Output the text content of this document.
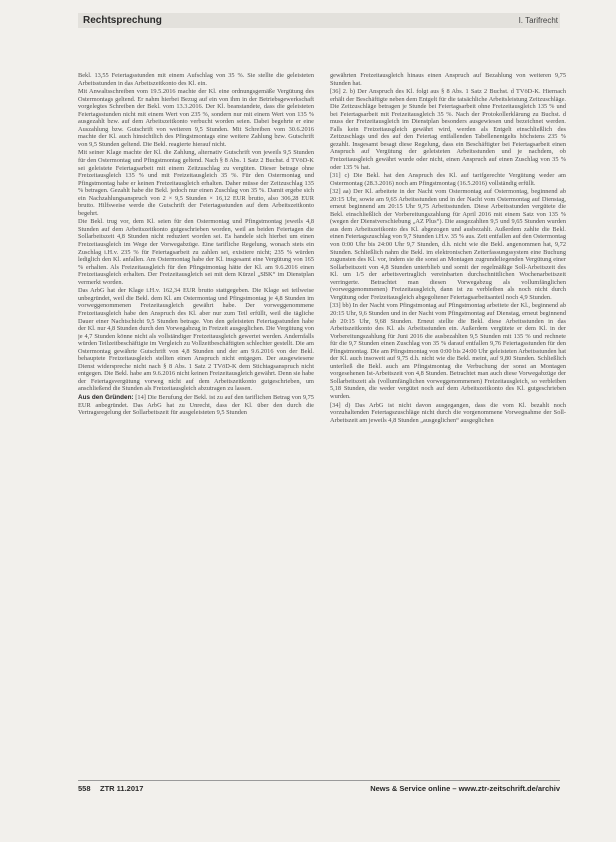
Rechtsprechung	I. Tarifrecht

Bekl. 13,55 Feiertagsstunden mit einem Aufschlag von 35 %. Sie stellte die geleisteten Arbeitsstunden in das Arbeitszeitkonto des Kl. ein.

Mit Anwaltsschreiben vom 19.5.2016 machte der Kl. eine ordnungsgemäße Vergütung des Ostermontags geltend. Er nahm hierbei Bezug auf ein von ihm in der Betriebsgewerkschaft vorgelegtes Schreiben der Bekl. vom 13.3.2016. Der Kl. beanstandete, dass die geleisteten Feiertagsstunden nicht mit einem Wert von 235 %, sondern nur mit einem Wert von 135 % ausgezahlt bzw. auf dem Arbeitszeitkonto verbucht worden seien. Dabei begehrte er eine Auszahlung bzw. Gutschrift von weiteren 9,5 Stunden. Mit Schreiben vom 30.6.2016 machte der Kl. auch hinsichtlich des Pfingstmontags eine weitere Zahlung bzw. Gutschrift von 9,5 Stunden geltend. Die Bekl. reagierte hierauf nicht.

Mit seiner Klage machte der Kl. die Zahlung, alternativ Gutschrift von jeweils 9,5 Stunden für den Ostermontag und Pfingstmontag geltend. Nach § 8 Abs. 1 Satz 2 Buchst. d TVöD-K sei geleistete Feiertagsarbeit mit einem Zeitzuschlag zu vergüten. Dieser betrage ohne Freizeitausgleich 135 % und mit Freizeitausgleich 35 %. Für den Ostermontag und Pfingstmontag habe er keinen Freizeitausgleich erhalten. Daher müsse der Zeitzuschlag 135 % betragen. Gezahlt habe die Bekl. jedoch nur einen Zuschlag von 35 %. Damit ergebe sich ein Nachzahlungsanspruch von 2 × 9,5 Stunden × 16,12 EUR brutto, also 306,28 EUR brutto. Hilfsweise werde die Gutschrift der Feiertagsstunden auf dem Arbeitszeitkonto begehrt.

Die Bekl. trug vor, dem Kl. seien für den Ostermontag und Pfingstmontag jeweils 4,8 Stunden auf dem Arbeitszeitkonto gutgeschrieben worden, weil an beiden Feiertagen die Sollarbeitszeit 4,8 Stunden nicht reduziert worden sei. Es handele sich hierbei um einen Freizeitausgleich im Wege der Vorwegabzüge. Eine tarifliche Regelung, wonach stets ein Zuschlag i.H.v. 235 % für Feiertagsarbeit zu zahlen sei, existiere nicht; 235 % würden lediglich den Kl. anfallen. Am Ostermontag habe der Kl. insgesamt eine Vergütung von 165 % erhalten. Als Freizeitausgleich für den Pfingstmontag hätte der Kl. am 9.6.2016 einen Freizeitausgleich erhalten. Der Freizeitausgleich sei mit dem Kürzel „SBK“ im Dienstplan vermerkt worden.

Das ArbG hat der Klage i.H.v. 162,34 EUR brutto stattgegeben. Die Klage sei teilweise unbegründet, weil die Bekl. dem Kl. am Ostermontag und Pfingstmontag je 4,8 Stunden im vorweggenommenen Freizeitausgleich gewährt habe. Der vorweggenommene Freizeitausgleich habe den Anspruch des Kl. aber nur zum Teil erfüllt, weil die tägliche Dauer einer Nachtschicht 9,5 Stunden betrage. Von den geleisteten Feiertagsstunden habe der Kl. nur 4,8 Stunden durch den Vorwegabzug in Freizeit ausgeglichen. Die Vergütung von je 4,7 Stunden könne nicht als vollständiger Freizeitausgleich gewertet werden. Andernfalls würden Teilzeitbeschäftigte im Vergleich zu Vollzeitbeschäftigten schlechter gestellt. Die am Ostermontag gewährte Gutschrift von 4,8 Stunden und der am 9.6.2016 von der Bekl. behauptete Freizeitausgleich stellten einen Anspruch nicht entgegen. Der ausgewiesene Dienst widerspreche nicht nach § 8 Abs. 1 Satz 2 TVöD-K dem Stichtagsanspruch nicht entgegen. Die Bekl. habe am 9.6.2016 nicht keinen Freizeitausgleich gewährt. Denn sie habe der Feiertagsvergütung vorweg nicht auf dem Arbeitszeitkonto gutgeschrieben, um anschließend die Stunden als Freizeitausgleich abzutragen zu lassen.

Aus den Gründen: [14] Die Berufung der Bekl. ist zu auf den tariflichen Betrag von 9,75 EUR anbegründet. Das ArbG hat zu Unrecht, dass der Kl. über den durch die Vertragsregelung der Sollarbeitszeit für ausgeleisteten 9,5 Stunden

gewährten Freizeitausgleich hinaus einen Anspruch auf Bezahlung von weiteren 9,75 Stunden hat.

[36] 2. b) Der Anspruch des Kl. folgt aus § 8 Abs. 1 Satz 2 Buchst. d TVöD-K. Hiernach erhält der Beschäftigte neben dem Entgelt für die tatsächliche Arbeitsleistung Zeitzuschläge. Die Zeitzuschläge betragen je Stunde bei Feiertagsarbeit ohne Freizeitausgleich 135 % und bei Feiertagsarbeit mit Freizeitausgleich 35 %. Nach der Protokollerklärung zu Buchst. d muss der Freizeitausgleich im Dienstplan besonders ausgewiesen und bezeichnet werden. Falls kein Freizeitausgleich gewährt wird, werden als Entgelt einschließlich des Zeitzuschlags und des auf den Feiertag entfallenden Tabellenentgelts höchstens 235 % gezahlt. Insgesamt besagt diese Regelung, dass ein Beschäftigter bei Feiertagsarbeit einen Anspruch auf Vergütung der geleisteten Arbeitsstunden und je nachdem, ob Freizeitausgleich gewährt wurde oder nicht, einen Anspruch auf einen Zuschlag von 35 % oder 135 % hat.

[31] c) Die Bekl. hat den Anspruch des Kl. auf tarifgerechte Vergütung weder am Ostermontag (28.3.2016) noch am Pfingstmontag (16.5.2016) vollständig erfüllt.

[32] aa) Der Kl. arbeitete in der Nacht vom Ostermontag auf Ostermontag, beginnend ab 20:15 Uhr, sowie am 9,65 Arbeitsstunden und in der Nacht vom Ostermontag auf Dienstag, erneut beginnend am 20:15 Uhr 9,75 Arbeitsstunden. Diese Arbeitsstunden vergütete die Bekl. einschließlich der Vorbereitungszahlung für April 2016 mit einem Satz von 135 % (wegen der Dienstverschiebung „AZ Plus“). Die ausgezahlten 9,5 und 9,65 Stunden wurden aus dem Arbeitszeitkonto des Kl. abgezogen und ausbezahlt. Außerdem zahlte die Bekl. einen Feiertagszuschlag von 9,7 Stunden i.H.v. 35 % aus. Zeit entfallen auf den Ostermontag von 0:00 Uhr bis 24:00 Uhr 9,7 Stunden, d.h. nicht wie die Bekl. angenommen hat, 9,72 Stunden. Schließlich nahm die Bekl. im elektronischen Zeiterfassungssystem eine Buchung zugunsten des Kl. vor, indem sie die sonst an Montagen zugrundeliegenden Vergütung einer Sollarbeitszeit von 4,8 Stunden unterblieb und somit der regelmäßige Soll-Arbeitszeit des Kl. um 1/5 der arbeitsvertraglich vereinbarten durchschnittlichen Wochenarbeitszeit verringerte. Betrachtet man diesen Vorwegabzug als vollumfänglichen (vorweggenommenen) Freizeitausgleich, dann ist zu verbleiben als noch nicht durch Vergütung oder Freizeitausgleich abgegoltener Feiertagsarbeitsanteil noch 4,9 Stunden.

[33] bb) In der Nacht vom Pfingstmontag auf Pfingstmontag arbeitete der Kl., beginnend ab 20:15 Uhr, 9,6 Stunden und in der Nacht vom Pfingstmontag auf Dienstag, erneut beginnend ab 20:15 Uhr, 9,68 Stunden. Erneut stellte die Bekl. diese Arbeitsstunden in das Arbeitszeitkonto des Kl. als Arbeitsstunden ein. Außerdem vergütete er dem Kl. in der Vorbereitungszahlung für Juni 2016 die ausbezahlten 9,5 Stunden mit 135 % und rechnete für die 9,7 Stunden einen Zuschlag von 35 % darauf entfallen 9,76 Feiertagsstunden für den Pfingstmontag. Die am Pfingstmontag von 0:00 bis 24:00 Uhr geleisteten Arbeitsstunden hat der Kl. auch insoweit auf 9,75 d.h. nicht wie die Bekl. meint, auf 9,80 Stunden. Schließlich unterließ die Bekl. auch am Pfingstmontag die Verbuchung der sonst an Montagen vorgesehenen Ist-Arbeitszeit von 4,8 Stunden. Betrachtet man auch diese Vorwegabzüge der Sollarbeitszeit als (vollumfänglichen vorweggenommenen) Freizeitausgleich, so verbleiben 5,18 Stunden, die weder vergütet noch auf dem Arbeitszeitkonto des Kl. gutgeschrieben wurden.

[34] d) Das ArbG ist nicht davon ausgegangen, dass die vom Kl. bezahlt noch vorzuhaltenden Feiertagszuschläge nicht durch die vorgenommene Vorwegnahme der Soll-Arbeitszeit am jeweils 4,8 Stunden „ausgeglichen“ ausgeglichen

558 ZTR 11.2017	News & Service online – www.ztr-zeitschrift.de/archiv
